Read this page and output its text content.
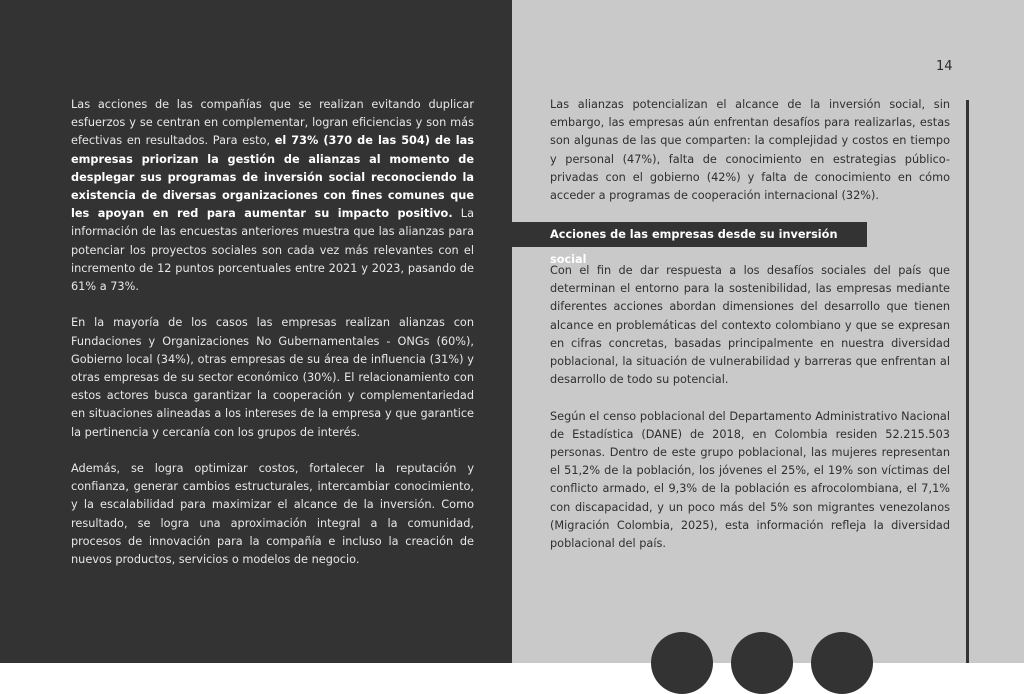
14

Las acciones de las compañías que se realizan evitando duplicar esfuerzos y se centran en complementar, logran eficiencias y son más efectivas en resultados. Para esto, el 73% (370 de las 504) de las empresas priorizan la gestión de alianzas al momento de desplegar sus programas de inversión social reconociendo la existencia de diversas organizaciones con fines comunes que les apoyan en red para aumentar su impacto positivo. La información de las encuestas anteriores muestra que las alianzas para potenciar los proyectos sociales son cada vez más relevantes con el incremento de 12 puntos porcentuales entre 2021 y 2023, pasando de 61% a 73%.

En la mayoría de los casos las empresas realizan alianzas con Fundaciones y Organizaciones No Gubernamentales - ONGs (60%), Gobierno local (34%), otras empresas de su área de influencia (31%) y otras empresas de su sector económico (30%). El relacionamiento con estos actores busca garantizar la cooperación y complementariedad en situaciones alineadas a los intereses de la empresa y que garantice la pertinencia y cercanía con los grupos de interés.

Además, se logra optimizar costos, fortalecer la reputación y confianza, generar cambios estructurales, intercambiar conocimiento, y la escalabilidad para maximizar el alcance de la inversión. Como resultado, se logra una aproximación integral a la comunidad, procesos de innovación para la compañía e incluso la creación de nuevos productos, servicios o modelos de negocio.

Las alianzas potencializan el alcance de la inversión social, sin embargo, las empresas aún enfrentan desafíos para realizarlas, estas son algunas de las que comparten: la complejidad y costos en tiempo y personal (47%), falta de conocimiento en estrategias público-privadas con el gobierno (42%) y falta de conocimiento en cómo acceder a programas de cooperación internacional (32%).

Acciones de las empresas desde su inversión social

Con el fin de dar respuesta a los desafíos sociales del país que determinan el entorno para la sostenibilidad, las empresas mediante diferentes acciones abordan dimensiones del desarrollo que tienen alcance en problemáticas del contexto colombiano y que se expresan en cifras concretas, basadas principalmente en nuestra diversidad poblacional, la situación de vulnerabilidad y barreras que enfrentan al desarrollo de todo su potencial.

Según el censo poblacional del Departamento Administrativo Nacional de Estadística (DANE) de 2018, en Colombia residen 52.215.503 personas. Dentro de este grupo poblacional, las mujeres representan el 51,2% de la población, los jóvenes el 25%, el 19% son víctimas del conflicto armado, el 9,3% de la población es afrocolombiana, el 7,1% con discapacidad, y un poco más del 5% son migrantes venezolanos (Migración Colombia, 2025), esta información refleja la diversidad poblacional del país.
